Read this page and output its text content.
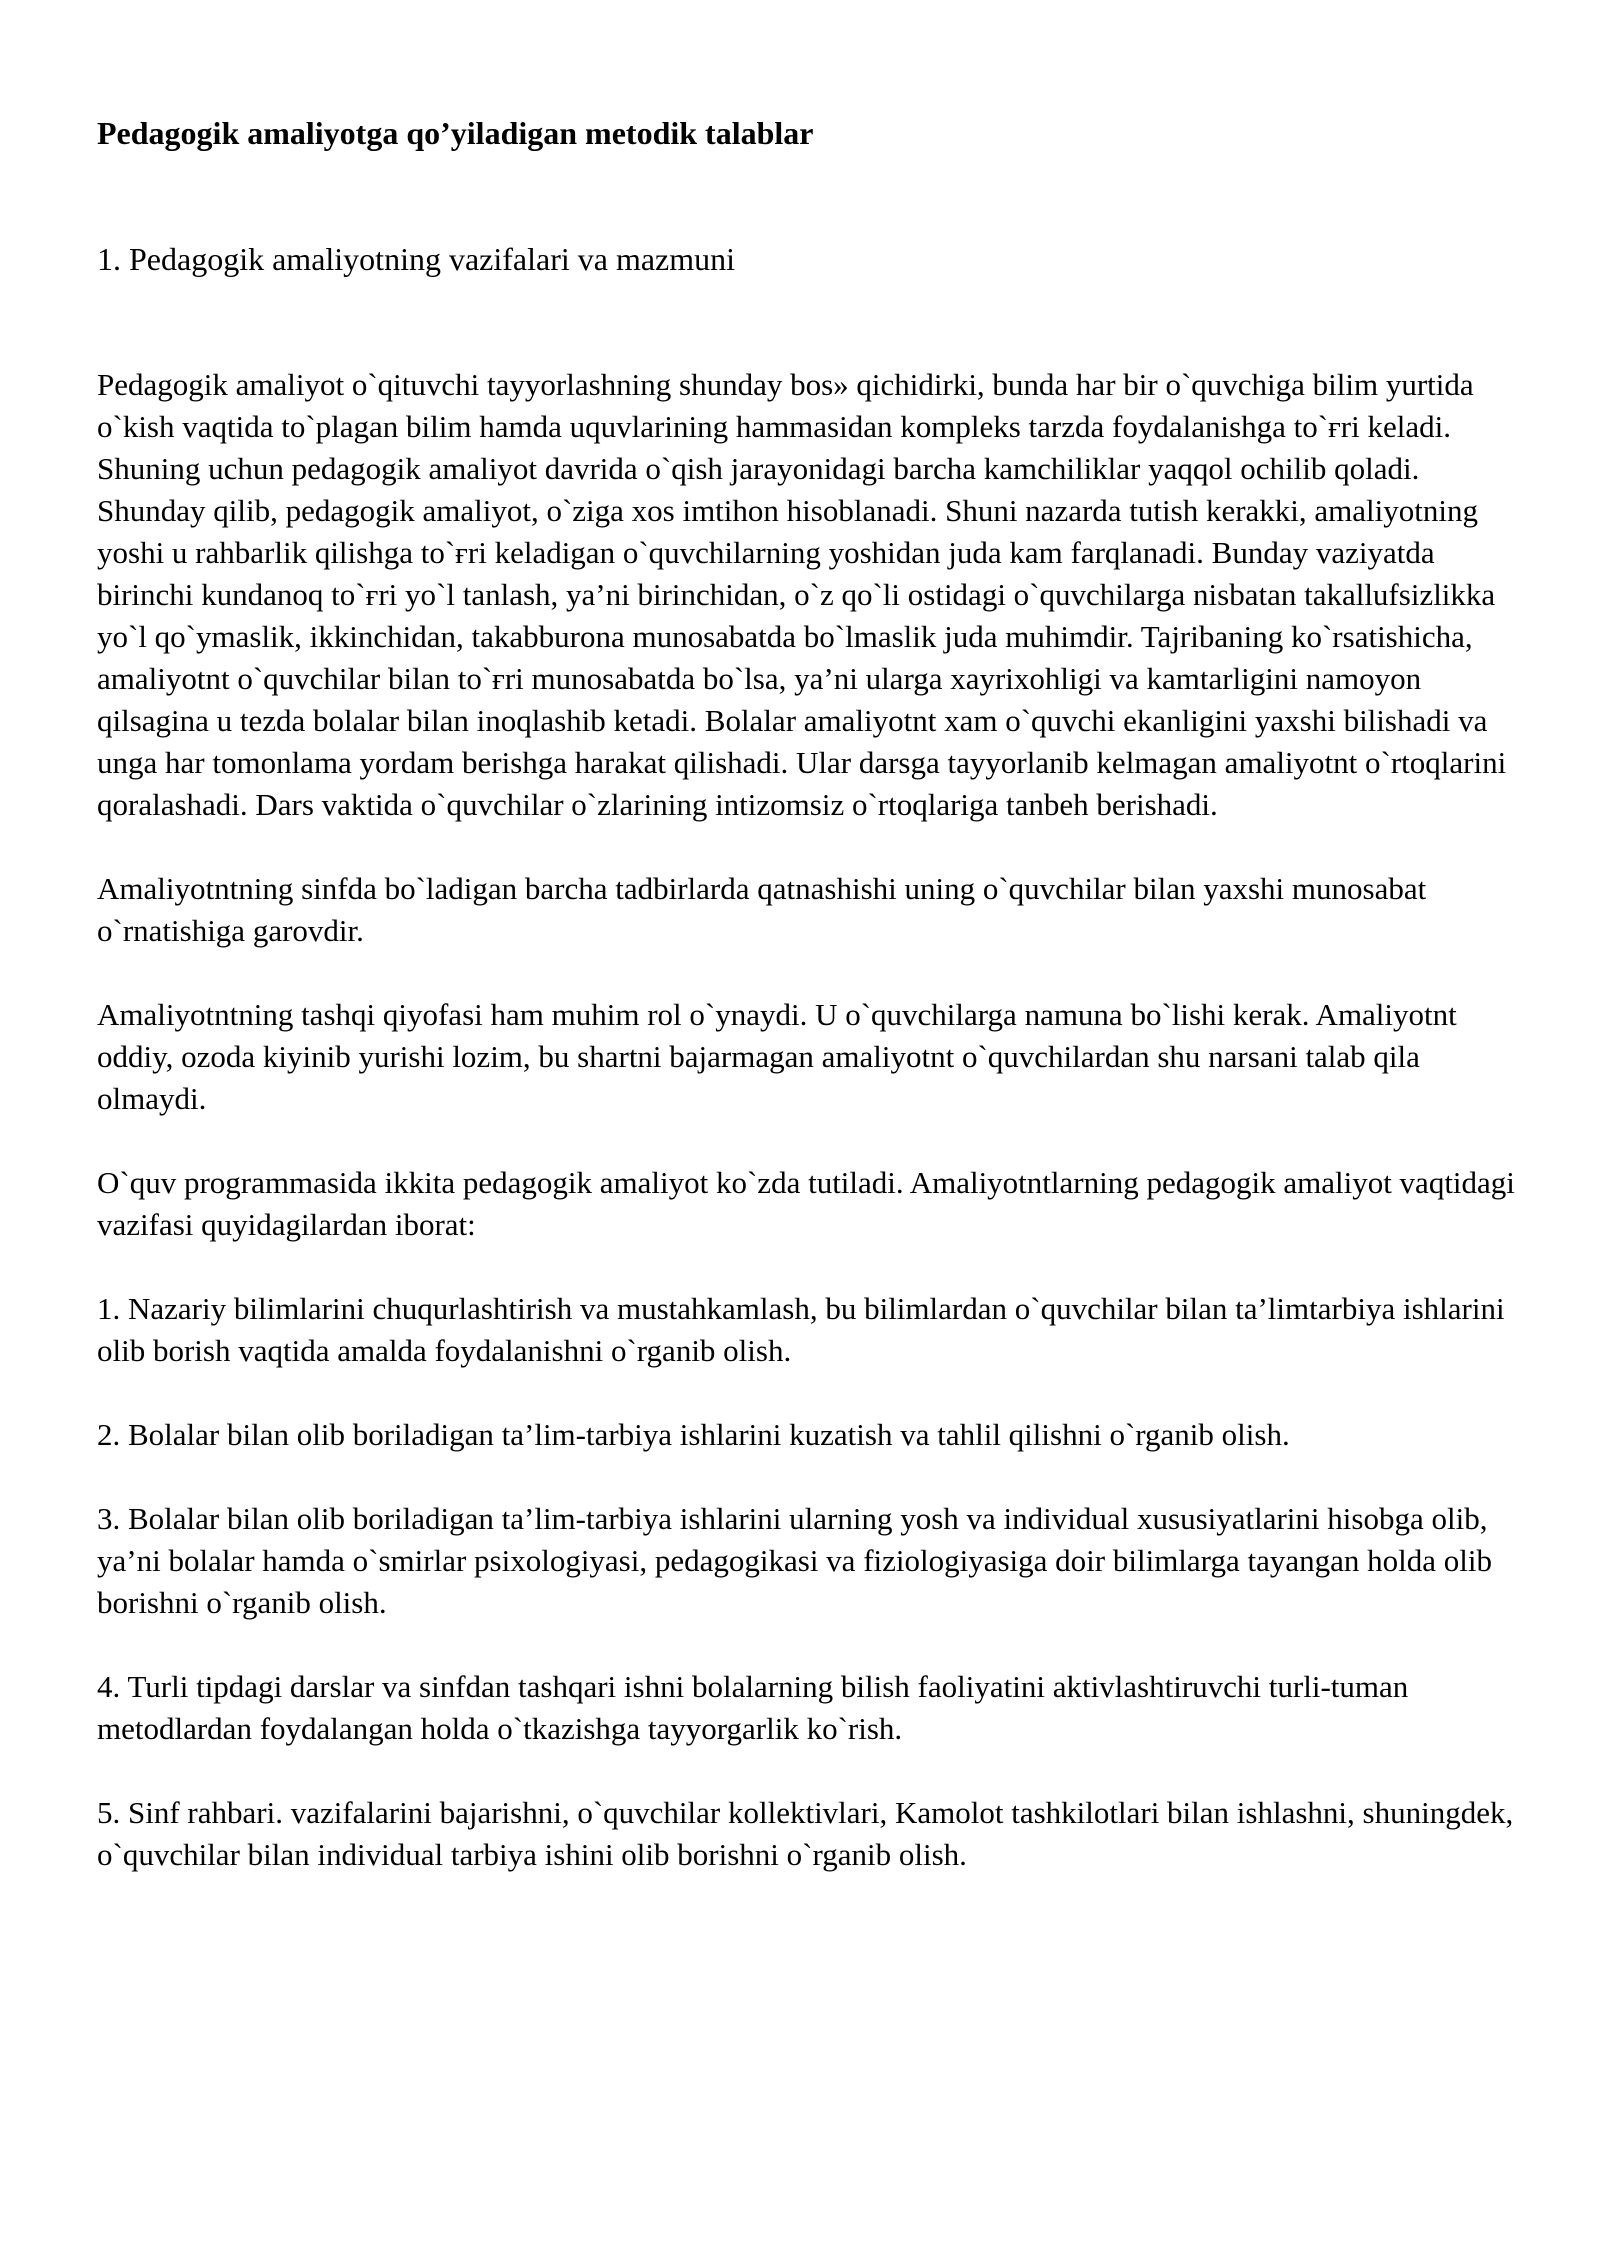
Pedagogik amaliyotga qo’yiladigan metodik talablar

1. Pedagogik amaliyotning vazifalari va mazmuni

Pedagogik amaliyot o`qituvchi tayyorlashning shunday bos» qichidirki, bunda har bir o`quvchiga bilim yurtida o`kish vaqtida to`plagan bilim hamda uquvlarining hammasidan kompleks tarzda foydalanishga to`ғri keladi. Shuning uchun pedagogik amaliyot davrida o`qish jarayonidagi barcha kamchiliklar yaqqol ochilib qoladi. Shunday qilib, pedagogik amaliyot, o`ziga xos imtihon hisoblanadi. Shuni nazarda tutish kerakki, amaliyotning yoshi u rahbarlik qilishga to`ғri keladigan o`quvchilarning yoshidan juda kam farqlanadi. Bunday vaziyatda birinchi kundanoq to`ғri yo`l tanlash, ya’ni birinchidan, o`z qo`li ostidagi o`quvchilarga nisbatan takallufsizlikka yo`l qo`ymaslik, ikkinchidan, takabburona munosabatda bo`lmaslik juda muhimdir. Tajribaning ko`rsatishicha, amaliyotnt o`quvchilar bilan to`ғri munosabatda bo`lsa, ya’ni ularga xayrixohligi va kamtarligini namoyon qilsagina u tezda bolalar bilan inoqlashib ketadi. Bolalar amaliyotnt xam o`quvchi ekanligini yaxshi bilishadi va unga har tomonlama yordam berishga harakat qilishadi. Ular darsga tayyorlanib kelmagan amaliyotnt o`rtoqlarini qoralashadi. Dars vaktida o`quvchilar o`zlarining intizomsiz o`rtoqlariga tanbeh berishadi.

Amaliyotntning sinfda bo`ladigan barcha tadbirlarda qatnashishi uning o`quvchilar bilan yaxshi munosabat o`rnatishiga garovdir.

Amaliyotntning tashqi qiyofasi ham muhim rol o`ynaydi. U o`quvchilarga namuna bo`lishi kerak. Amaliyotnt oddiy, ozoda kiyinib yurishi lozim, bu shartni bajarmagan amaliyotnt o`quvchilardan shu narsani talab qila olmaydi.

O`quv programmasida ikkita pedagogik amaliyot ko`zda tutiladi. Amaliyotntlarning pedagogik amaliyot vaqtidagi vazifasi quyidagilardan iborat:

1. Nazariy bilimlarini chuqurlashtirish va mustahkamlash, bu bilimlardan o`quvchilar bilan ta’limtarbiya ishlarini olib borish vaqtida amalda foydalanishni o`rganib olish.

2. Bolalar bilan olib boriladigan ta’lim-tarbiya ishlarini kuzatish va tahlil qilishni o`rganib olish.

3. Bolalar bilan olib boriladigan ta’lim-tarbiya ishlarini ularning yosh va individual xususiyatlarini hisobga olib, ya’ni bolalar hamda o`smirlar psixologiyasi, pedagogikasi va fiziologiyasiga doir bilimlarga tayangan holda olib borishni o`rganib olish.

4. Turli tipdagi darslar va sinfdan tashqari ishni bolalarning bilish faoliyatini aktivlashtiruvchi turli-tuman metodlardan foydalangan holda o`tkazishga tayyorgarlik ko`rish.

5. Sinf rahbari. vazifalarini bajarishni, o`quvchilar kollektivlari, Kamolot tashkilotlari bilan ishlashni, shuningdek, o`quvchilar bilan individual tarbiya ishini olib borishni o`rganib olish.
